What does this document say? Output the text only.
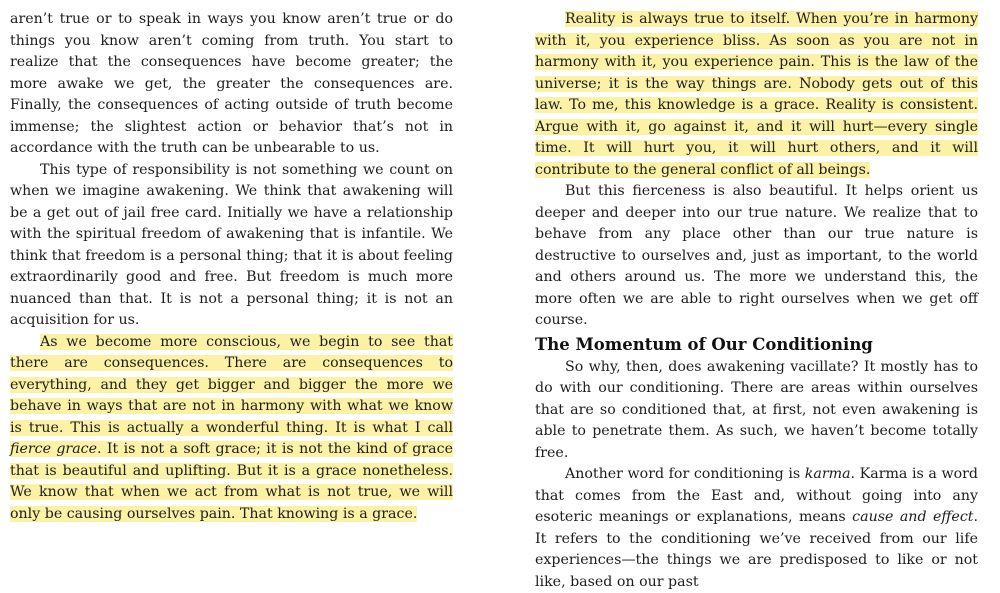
aren’t true or to speak in ways you know aren’t true or do things you know aren’t coming from truth. You start to realize that the consequences have become greater; the more awake we get, the greater the consequences are. Finally, the consequences of acting outside of truth become immense; the slightest action or behavior that’s not in accordance with the truth can be unbearable to us.

This type of responsibility is not something we count on when we imagine awakening. We think that awakening will be a get out of jail free card. Initially we have a relationship with the spiritual freedom of awakening that is infantile. We think that freedom is a personal thing; that it is about feeling extraordinarily good and free. But freedom is much more nuanced than that. It is not a personal thing; it is not an acquisition for us.

As we become more conscious, we begin to see that there are consequences. There are consequences to everything, and they get bigger and bigger the more we behave in ways that are not in harmony with what we know is true. This is actually a wonderful thing. It is what I call fierce grace. It is not a soft grace; it is not the kind of grace that is beautiful and uplifting. But it is a grace nonetheless. We know that when we act from what is not true, we will only be causing ourselves pain. That knowing is a grace.

Reality is always true to itself. When you’re in harmony with it, you experience bliss. As soon as you are not in harmony with it, you experience pain. This is the law of the universe; it is the way things are. Nobody gets out of this law. To me, this knowledge is a grace. Reality is consistent. Argue with it, go against it, and it will hurt—every single time. It will hurt you, it will hurt others, and it will contribute to the general conflict of all beings.

But this fierceness is also beautiful. It helps orient us deeper and deeper into our true nature. We realize that to behave from any place other than our true nature is destructive to ourselves and, just as important, to the world and others around us. The more we understand this, the more often we are able to right ourselves when we get off course.

The Momentum of Our Conditioning

So why, then, does awakening vacillate? It mostly has to do with our conditioning. There are areas within ourselves that are so conditioned that, at first, not even awakening is able to penetrate them. As such, we haven’t become totally free.

Another word for conditioning is karma. Karma is a word that comes from the East and, without going into any esoteric meanings or explanations, means cause and effect. It refers to the conditioning we’ve received from our life experiences—the things we are predisposed to like or not like, based on our past
